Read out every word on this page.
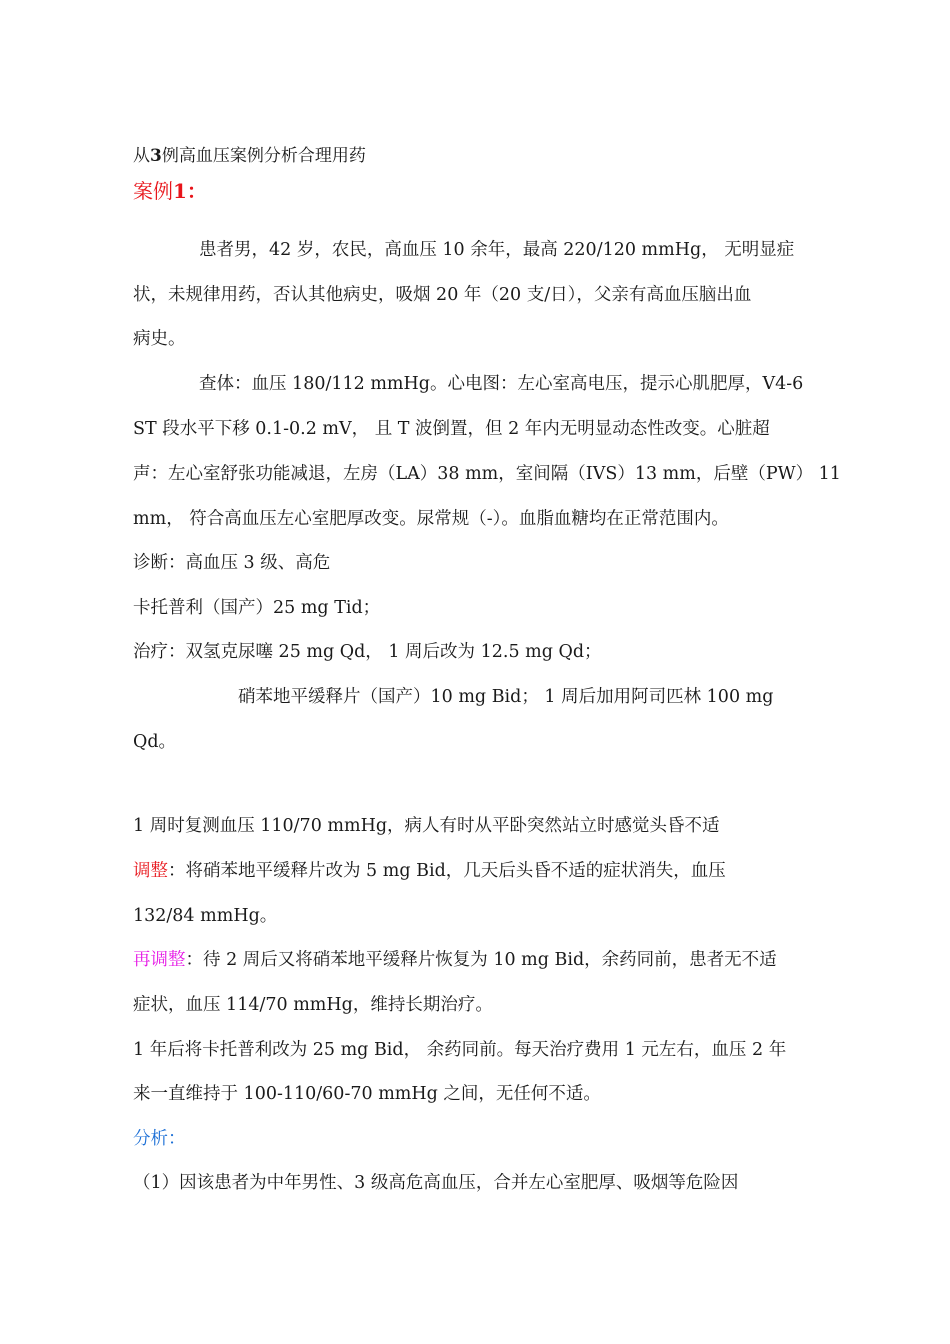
从3例高血压案例分析合理用药
案例1：
患者男，42 岁，农民，高血压 10 余年，最高 220/120 mmHg， 无明显症
状，未规律用药，否认其他病史，吸烟 20 年（20 支/日），父亲有高血压脑出血
病史。
查体：血压 180/112 mmHg。心电图：左心室高电压，提示心肌肥厚，V4-6
ST 段水平下移 0.1-0.2 mV， 且 T 波倒置，但 2 年内无明显动态性改变。心脏超
声：左心室舒张功能减退，左房（LA）38 mm，室间隔（IVS）13 mm，后壁（PW） 11
mm， 符合高血压左心室肥厚改变。尿常规（-）。血脂血糖均在正常范围内。
诊断：高血压 3 级、高危
卡托普利（国产）25 mg Tid；
治疗：双氢克尿噻 25 mg Qd， 1 周后改为 12.5 mg Qd；
硝苯地平缓释片（国产）10 mg Bid； 1 周后加用阿司匹林 100 mg
Qd。
1 周时复测血压 110/70 mmHg，病人有时从平卧突然站立时感觉头昏不适
调整：将硝苯地平缓释片改为 5 mg Bid，几天后头昏不适的症状消失，血压
132/84 mmHg。
再调整：待 2 周后又将硝苯地平缓释片恢复为 10 mg Bid，余药同前，患者无不适
症状，血压 114/70 mmHg，维持长期治疗。
1 年后将卡托普利改为 25 mg Bid， 余药同前。每天治疗费用 1 元左右，血压 2 年
来一直维持于 100-110/60-70 mmHg 之间，无任何不适。
分析：
（1）因该患者为中年男性、3 级高危高血压，合并左心室肥厚、吸烟等危险因
